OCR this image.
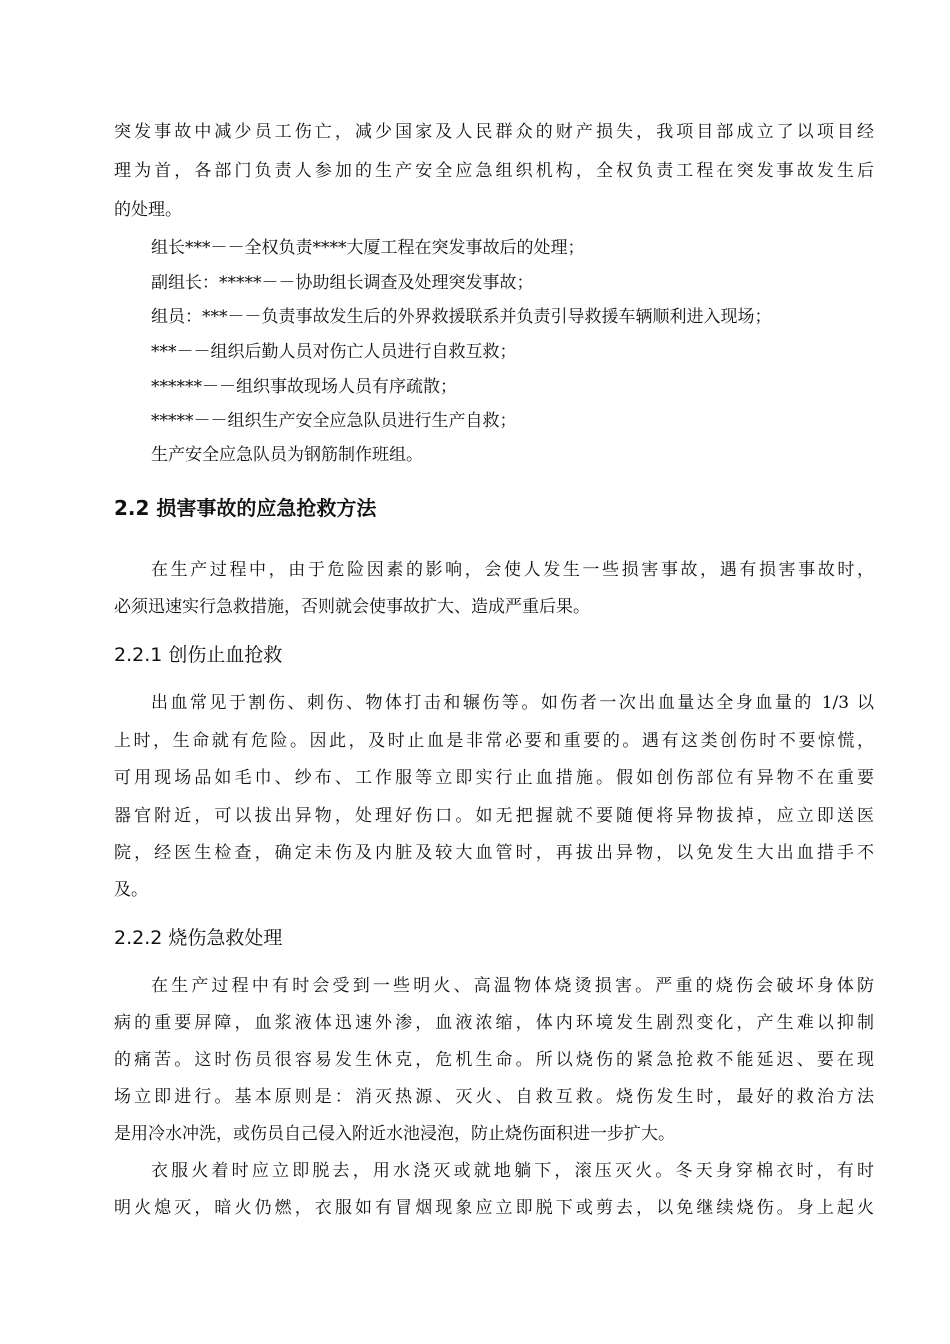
突发事故中减少员工伤亡，减少国家及人民群众的财产损失，我项目部成立了以项目经
理为首，各部门负责人参加的生产安全应急组织机构，全权负责工程在突发事故发生后
的处理。
组长***－－全权负责****大厦工程在突发事故后的处理；
副组长：*****－－协助组长调查及处理突发事故；
组员：***－－负责事故发生后的外界救援联系并负责引导救援车辆顺利进入现场；
***－－组织后勤人员对伤亡人员进行自救互救；
******－－组织事故现场人员有序疏散；
*****－－组织生产安全应急队员进行生产自救；
生产安全应急队员为钢筋制作班组。
2.2 损害事故的应急抢救方法
在生产过程中，由于危险因素的影响，会使人发生一些损害事故，遇有损害事故时，
必须迅速实行急救措施，否则就会使事故扩大、造成严重后果。
2.2.1 创伤止血抢救
出血常见于割伤、刺伤、物体打击和辗伤等。如伤者一次出血量达全身血量的 1/3 以
上时，生命就有危险。因此，及时止血是非常必要和重要的。遇有这类创伤时不要惊慌，
可用现场品如毛巾、纱布、工作服等立即实行止血措施。假如创伤部位有异物不在重要
器官附近，可以拔出异物，处理好伤口。如无把握就不要随便将异物拔掉，应立即送医
院，经医生检查，确定未伤及内脏及较大血管时，再拔出异物，以免发生大出血措手不
及。
2.2.2 烧伤急救处理
在生产过程中有时会受到一些明火、高温物体烧烫损害。严重的烧伤会破坏身体防
病的重要屏障，血浆液体迅速外渗，血液浓缩，体内环境发生剧烈变化，产生难以抑制
的痛苦。这时伤员很容易发生休克，危机生命。所以烧伤的紧急抢救不能延迟、要在现
场立即进行。基本原则是：消灭热源、灭火、自救互救。烧伤发生时，最好的救治方法
是用冷水冲洗，或伤员自己侵入附近水池浸泡，防止烧伤面积进一步扩大。
衣服火着时应立即脱去，用水浇灭或就地躺下，滚压灭火。冬天身穿棉衣时，有时
明火熄灭，暗火仍燃，衣服如有冒烟现象应立即脱下或剪去，以免继续烧伤。身上起火
